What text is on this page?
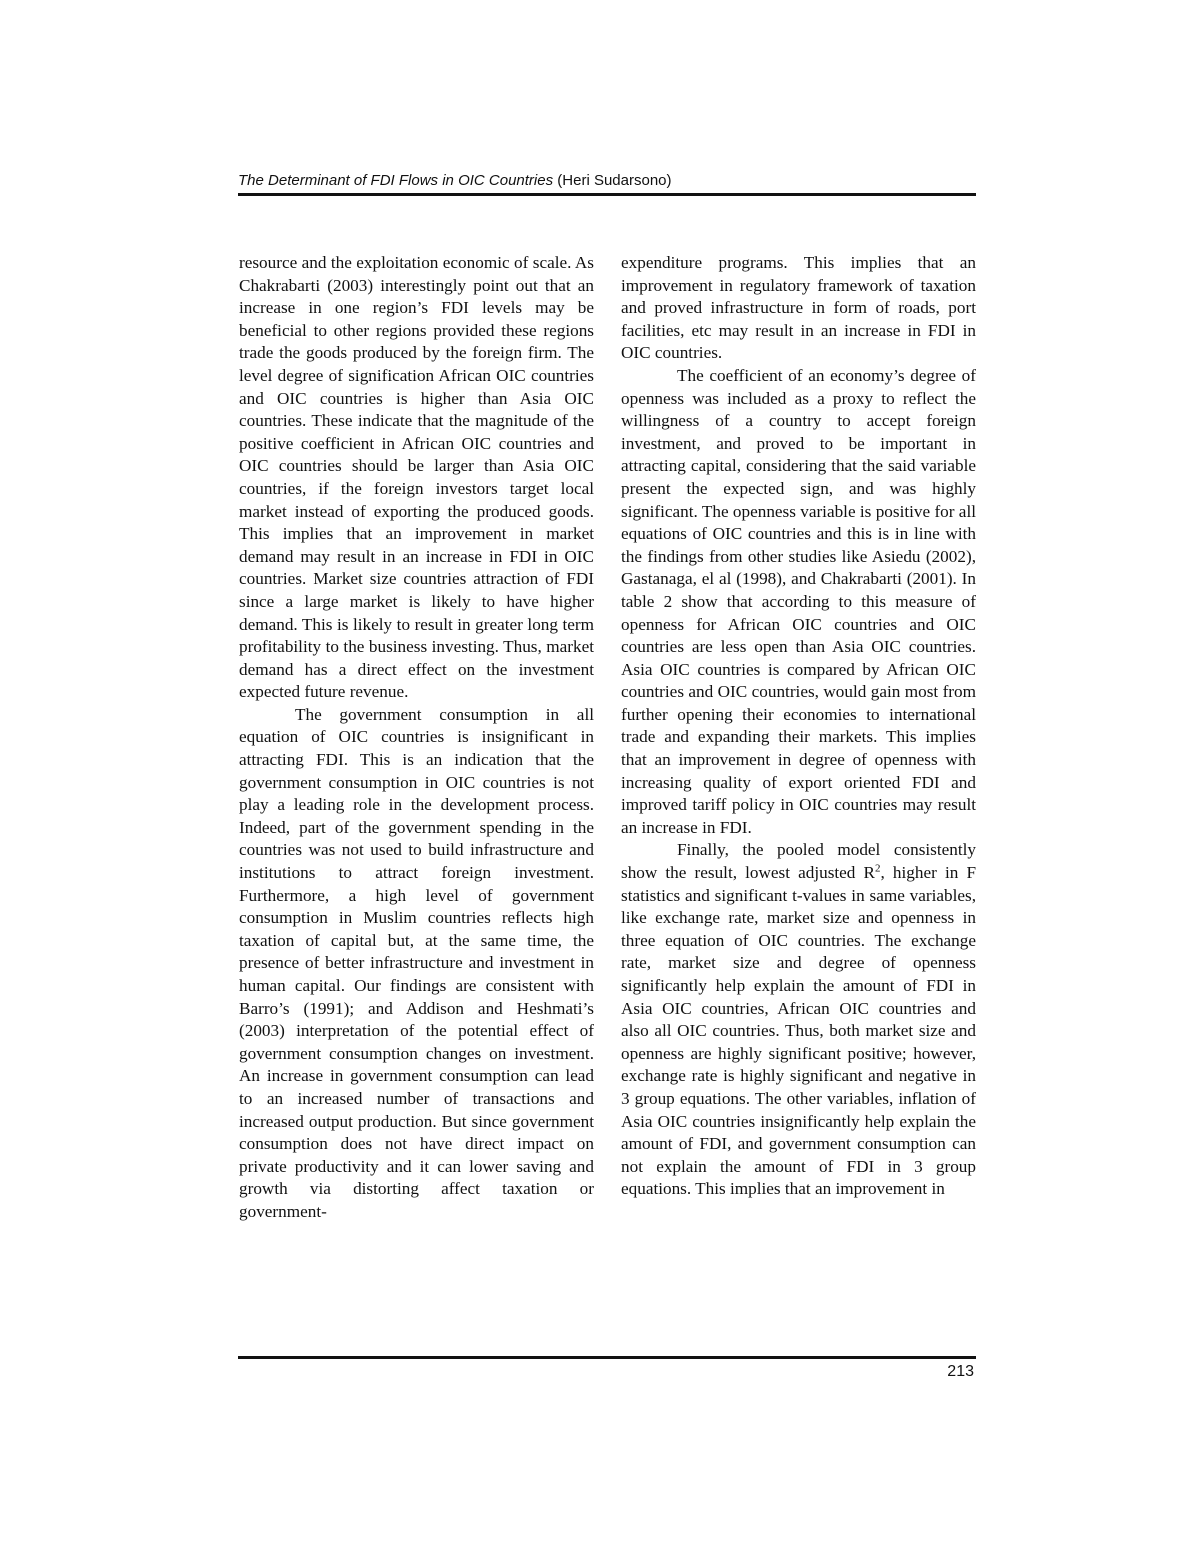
The Determinant of FDI Flows in OIC Countries (Heri Sudarsono)

resource and the exploitation economic of scale. As Chakrabarti (2003) interestingly point out that an increase in one region’s FDI levels may be beneficial to other regions provided these regions trade the goods produced by the foreign firm. The level degree of signification African OIC countries and OIC countries is higher than Asia OIC countries. These indicate that the magnitude of the positive coefficient in African OIC countries and OIC countries should be larger than Asia OIC countries, if the foreign investors target local market instead of exporting the produced goods. This implies that an improvement in market demand may result in an increase in FDI in OIC countries. Market size countries attraction of FDI since a large market is likely to have higher demand. This is likely to result in greater long term profitability to the business investing. Thus, market demand has a direct effect on the investment expected future revenue.

The government consumption in all equation of OIC countries is insignificant in attracting FDI. This is an indication that the government consumption in OIC countries is not play a leading role in the development process. Indeed, part of the government spending in the countries was not used to build infrastructure and institutions to attract foreign investment. Furthermore, a high level of government consumption in Muslim countries reflects high taxation of capital but, at the same time, the presence of better infrastructure and investment in human capital. Our findings are consistent with Barro’s (1991); and Addison and Heshmati’s (2003) interpretation of the potential effect of government consumption changes on investment. An increase in government consumption can lead to an increased number of transactions and increased output production. But since government consumption does not have direct impact on private productivity and it can lower saving and growth via distorting affect taxation or government-

expenditure programs. This implies that an improvement in regulatory framework of taxation and proved infrastructure in form of roads, port facilities, etc may result in an increase in FDI in OIC countries.

The coefficient of an economy’s degree of openness was included as a proxy to reflect the willingness of a country to accept foreign investment, and proved to be important in attracting capital, considering that the said variable present the expected sign, and was highly significant. The openness variable is positive for all equations of OIC countries and this is in line with the findings from other studies like Asiedu (2002), Gastanaga, el al (1998), and Chakrabarti (2001). In table 2 show that according to this measure of openness for African OIC countries and OIC countries are less open than Asia OIC countries. Asia OIC countries is compared by African OIC countries and OIC countries, would gain most from further opening their economies to international trade and expanding their markets. This implies that an improvement in degree of openness with increasing quality of export oriented FDI and improved tariff policy in OIC countries may result an increase in FDI.

Finally, the pooled model consistently show the result, lowest adjusted $R^2$, higher in F statistics and significant t-values in same variables, like exchange rate, market size and openness in three equation of OIC countries. The exchange rate, market size and degree of openness significantly help explain the amount of FDI in Asia OIC countries, African OIC countries and also all OIC countries. Thus, both market size and openness are highly significant positive; however, exchange rate is highly significant and negative in 3 group equations. The other variables, inflation of Asia OIC countries insignificantly help explain the amount of FDI, and government consumption can not explain the amount of FDI in 3 group equations. This implies that an improvement in

213
